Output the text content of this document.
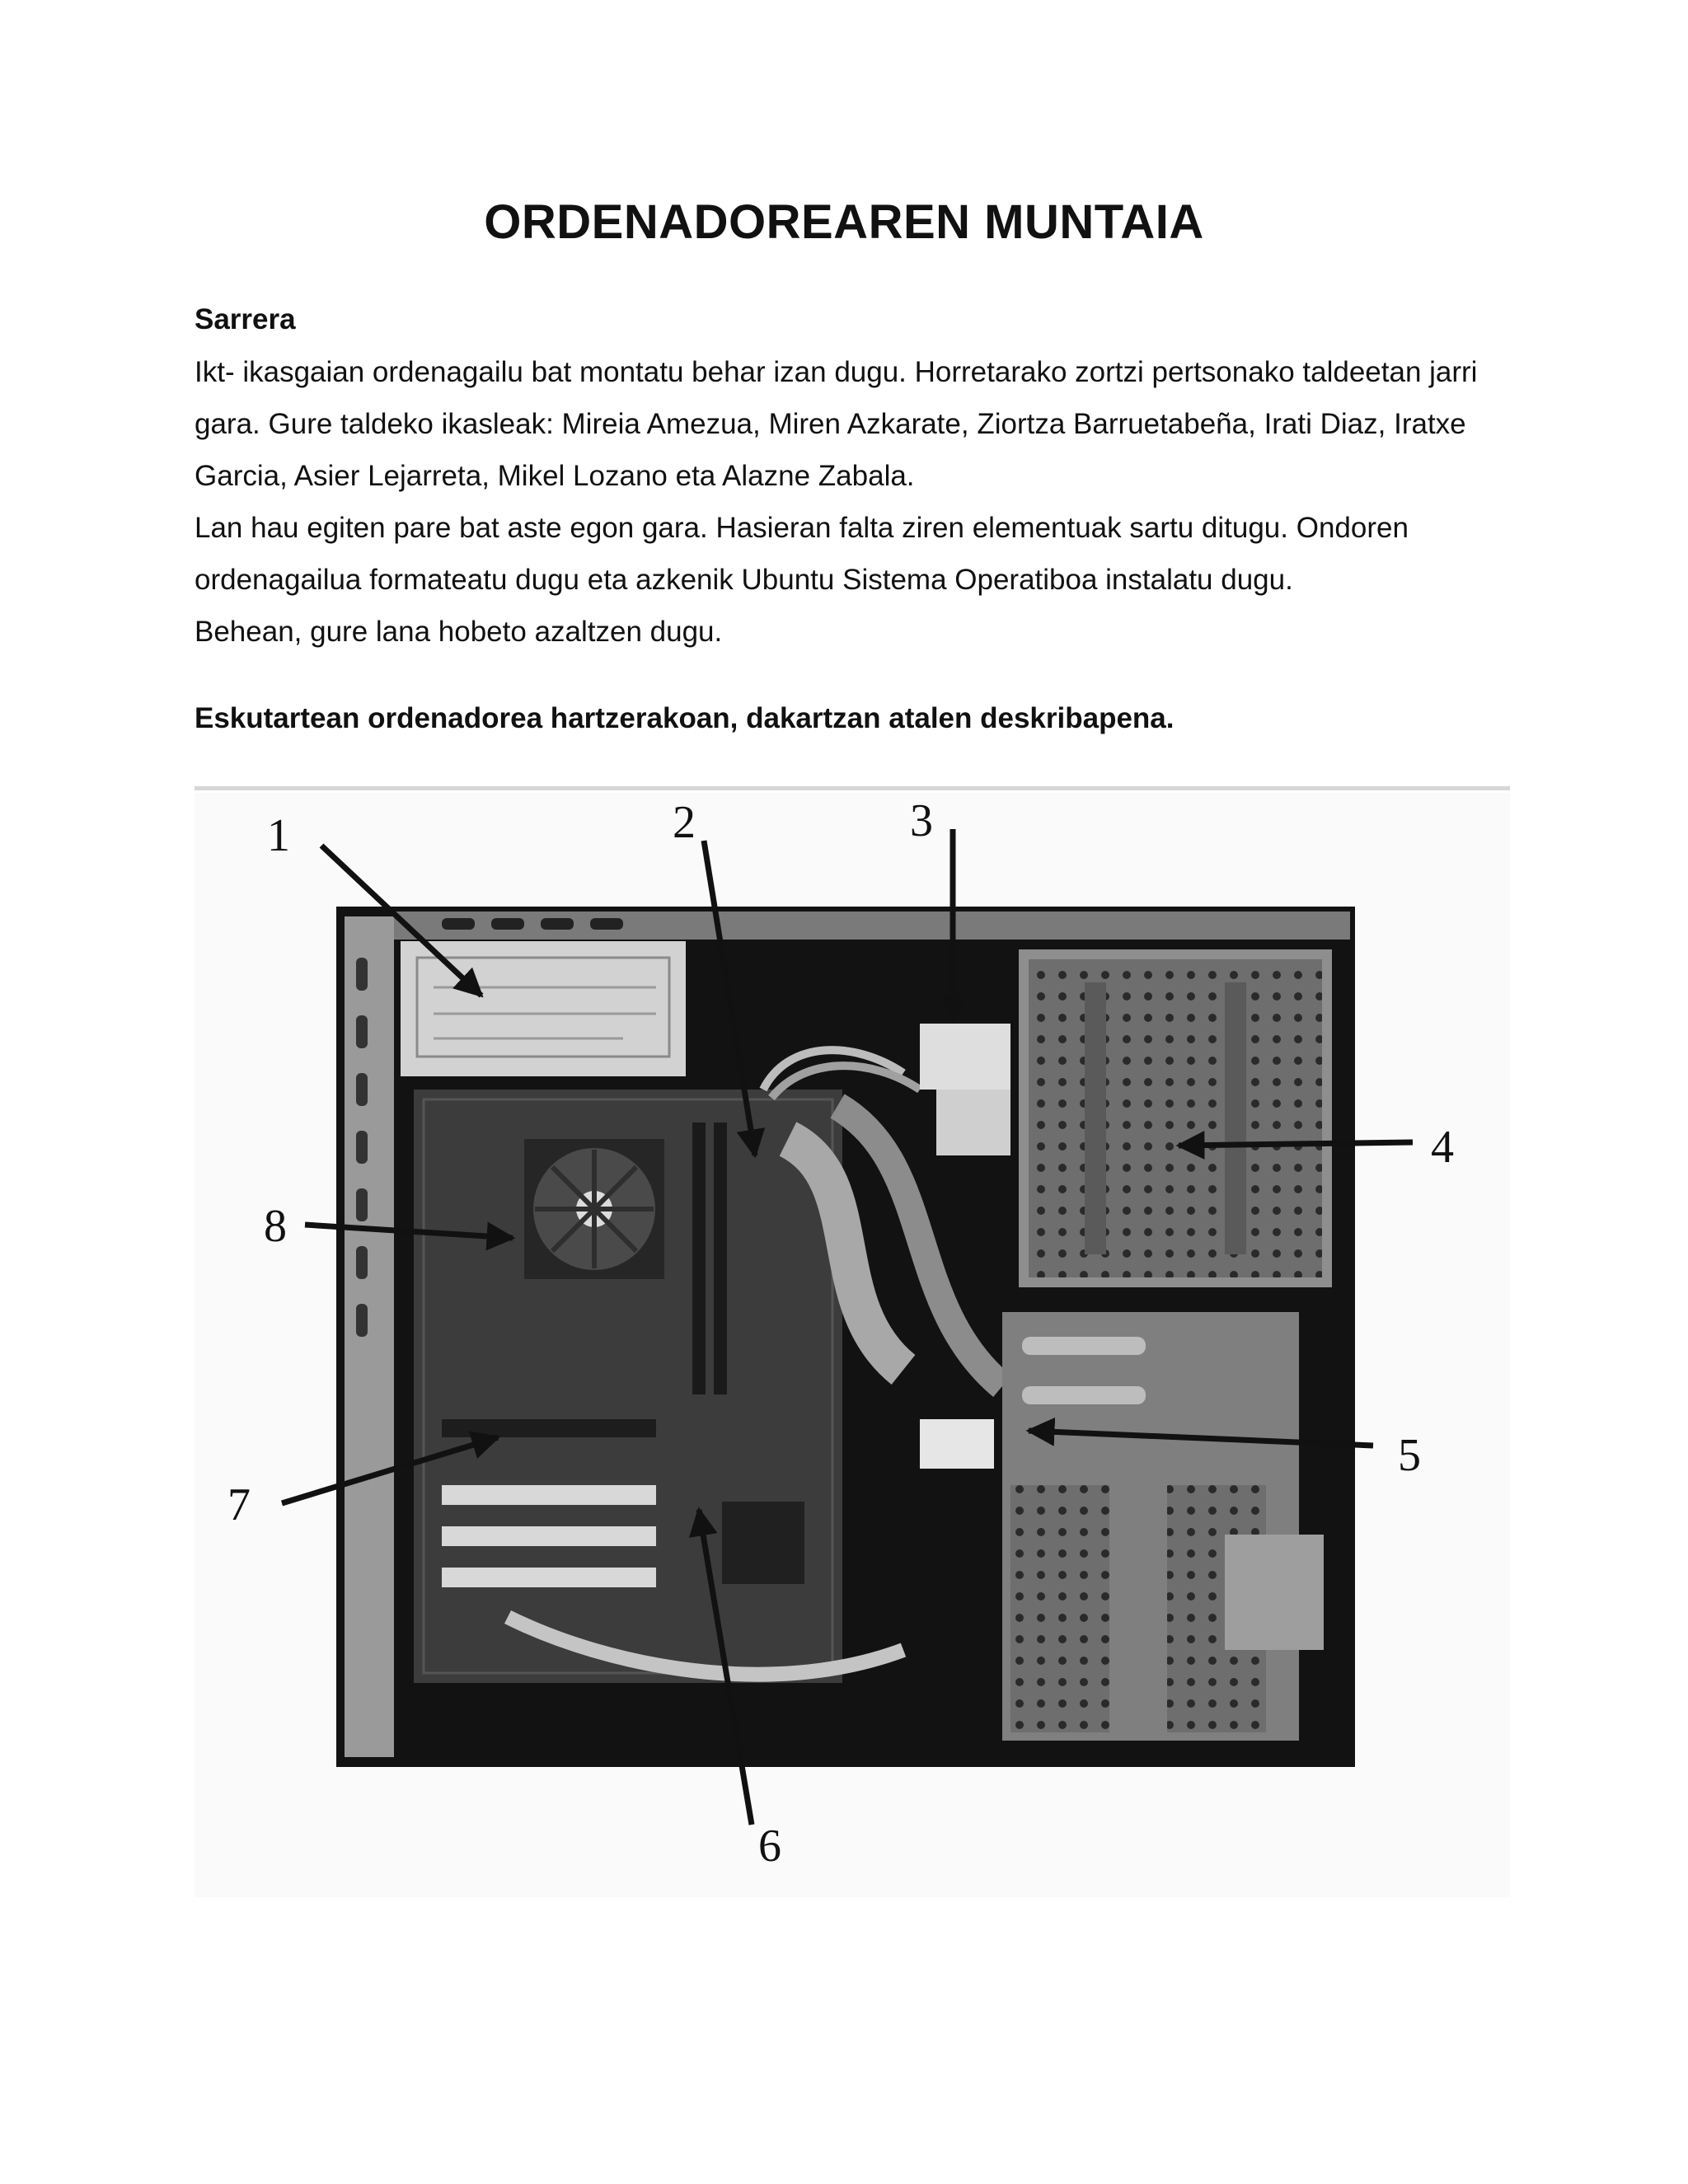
ORDENADOREAREN MUNTAIA
Sarrera

Ikt- ikasgaian ordenagailu bat montatu behar izan dugu. Horretarako zortzi pertsonako taldeetan jarri gara. Gure taldeko ikasleak: Mireia Amezua, Miren Azkarate, Ziortza Barruetabeña, Irati Diaz, Iratxe Garcia, Asier Lejarreta, Mikel Lozano eta Alazne Zabala.

Lan hau egiten pare bat aste egon gara. Hasieran falta ziren elementuak sartu ditugu. Ondoren ordenagailua formateatu dugu eta azkenik Ubuntu Sistema Operatiboa instalatu dugu.

Behean, gure lana hobeto azaltzen dugu.

Eskutartean ordenadorea hartzerakoan, dakartzan atalen deskribapena.
1	2	3
4
5
6
7
8
